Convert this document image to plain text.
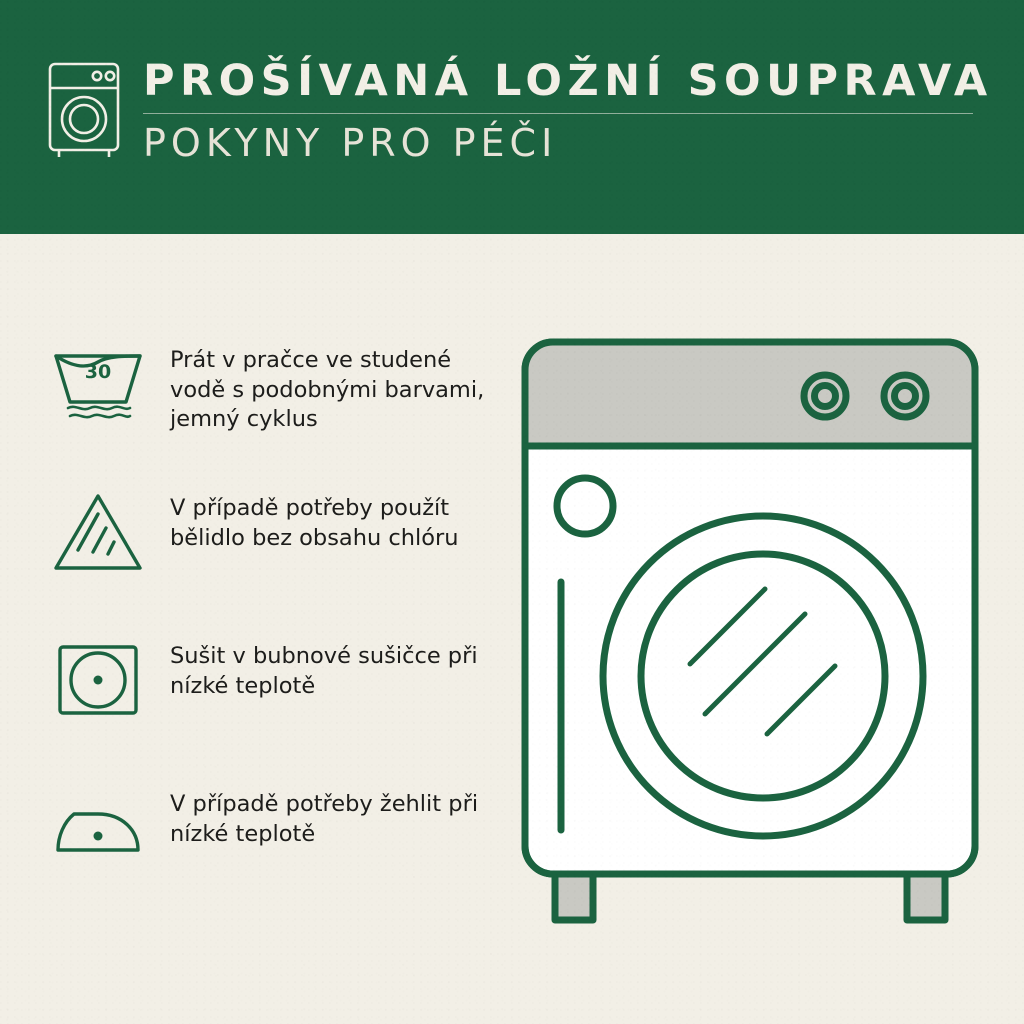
PROŠÍVANÁ LOŽNÍ SOUPRAVA
POKYNY PRO PÉČI
30	Prát v pračce ve studené vodě s podobnými barvami, jemný cyklus
V případě potřeby použít bělidlo bez obsahu chlóru
Sušit v bubnové sušičce při nízké teplotě
V případě potřeby žehlit při nízké teplotě
